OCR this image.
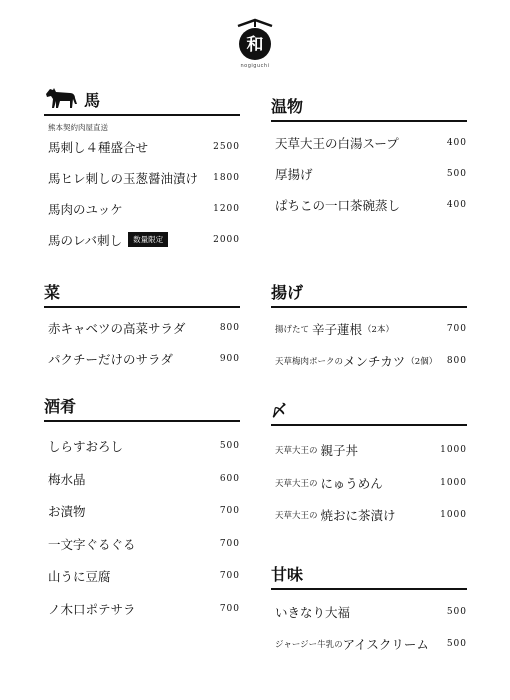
和
nogiguchi
馬
熊本契約肉屋直送
馬刺し４種盛合せ	2500
馬ヒレ刺しの玉葱醤油漬け 1800
馬肉のユッケ	1200
馬のレバ刺し	数量限定	2000
菜
赤キャベツの高菜サラダ	800
パクチーだけのサラダ	900
酒肴
しらすおろし	500
梅水晶	600
お漬物	700
一文字ぐるぐる	700
山うに豆腐	700
ノ木口ポテサラ	700
温物
天草大王の白湯スープ	400
厚揚げ	500
ぱちこの一口茶碗蒸し	400
揚げ
揚げたて 辛子蓮根 （2本）	700
天草梅肉ポークの メンチカツ （2個） 800
〆
天草大王の 親子丼	1000
天草大王の にゅうめん	1000
天草大王の 焼おに茶漬け	1000
甘味
いきなり大福	500
ジャージー牛乳の アイスクリーム 500
